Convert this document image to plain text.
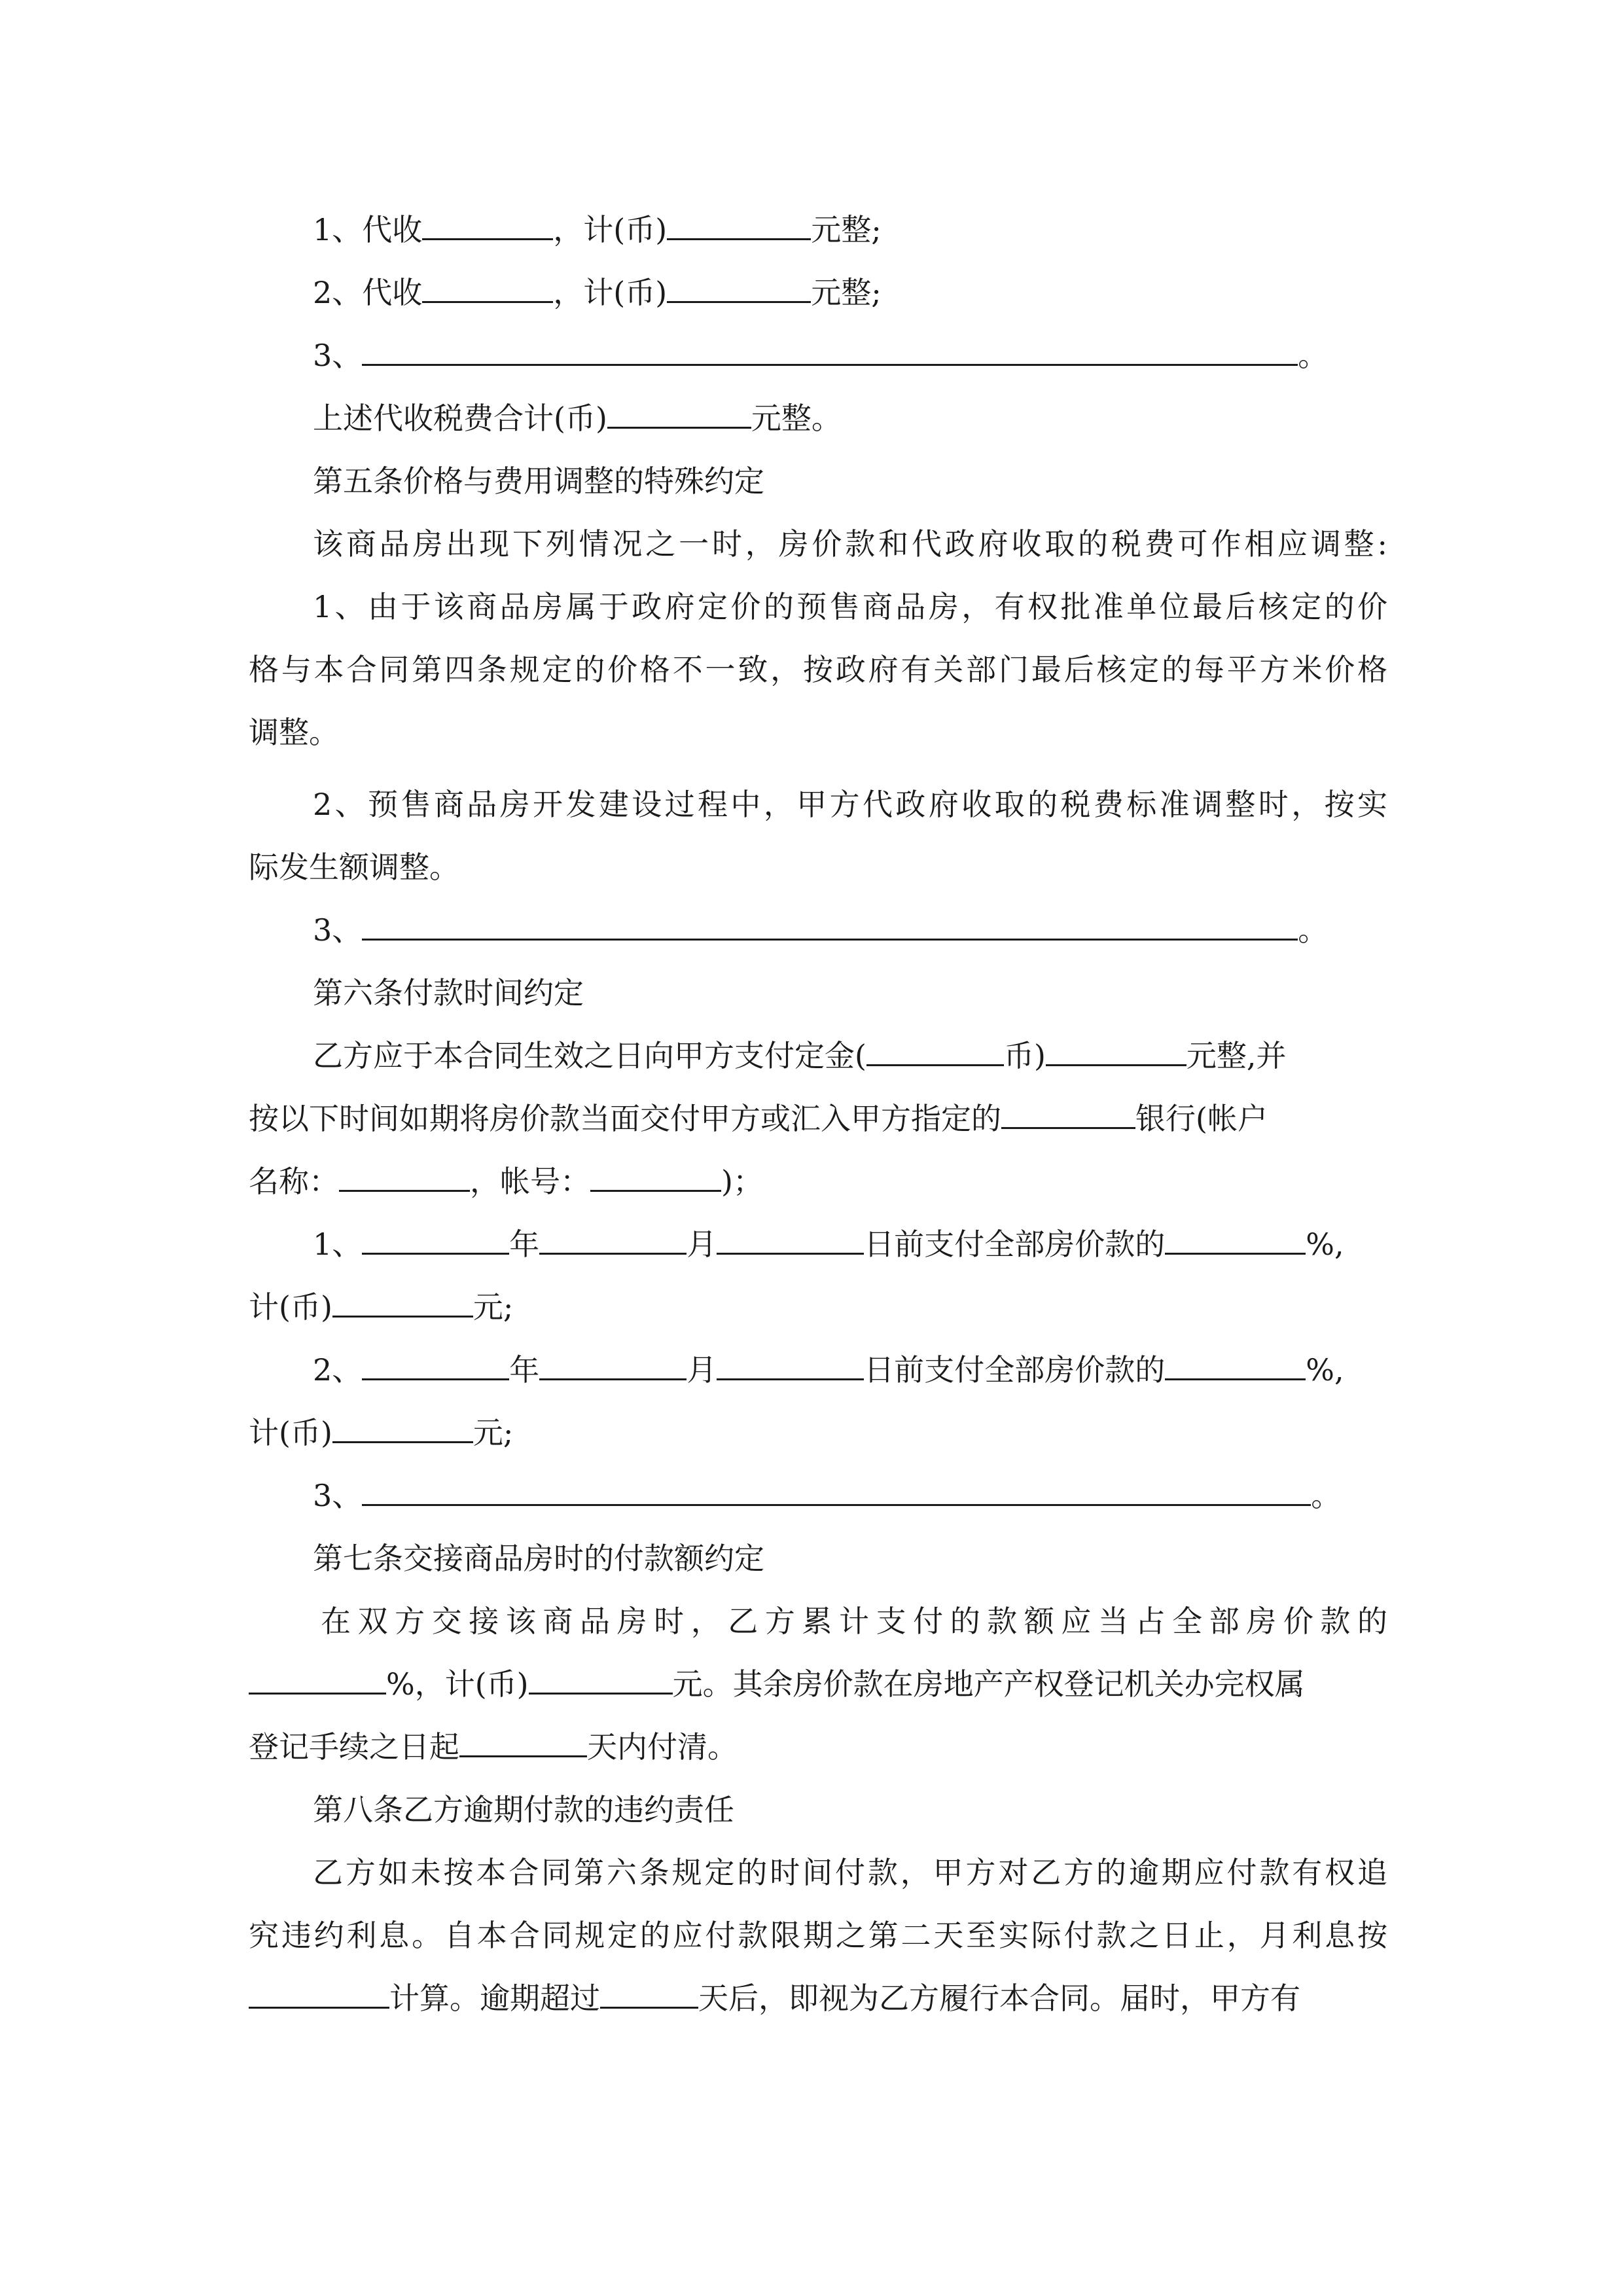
1、代收	，计(币)	元整;
2、代收	，计(币)	元整;
3、	。
上述代收税费合计(币)	元整。
第五条价格与费用调整的特殊约定
该商品房出现下列情况之一时，房价款和代政府收取的税费可作相应调整:
1、由于该商品房属于政府定价的预售商品房，有权批准单位最后核定的价
格与本合同第四条规定的价格不一致，按政府有关部门最后核定的每平方米价格
调整。
2、预售商品房开发建设过程中，甲方代政府收取的税费标准调整时，按实
际发生额调整。
3、	。
第六条付款时间约定
乙方应于本合同生效之日向甲方支付定金(	币)	元整,并
按以下时间如期将房价款当面交付甲方或汇入甲方指定的	银行(帐户
名称：	，帐号：	)；
1、	年	月	日前支付全部房价款的	%,
计(币)	元;
2、	年	月	日前支付全部房价款的	%,
计(币)	元;
3、	。
第七条交接商品房时的付款额约定
在双方交接该商品房时，乙方累计支付的款额应当占全部房价款的
%，计(币)	元。其余房价款在房地产产权登记机关办完权属
登记手续之日起	天内付清。
第八条乙方逾期付款的违约责任
乙方如未按本合同第六条规定的时间付款，甲方对乙方的逾期应付款有权追
究违约利息。自本合同规定的应付款限期之第二天至实际付款之日止，月利息按
计算。逾期超过	天后，即视为乙方履行本合同。届时，甲方有
